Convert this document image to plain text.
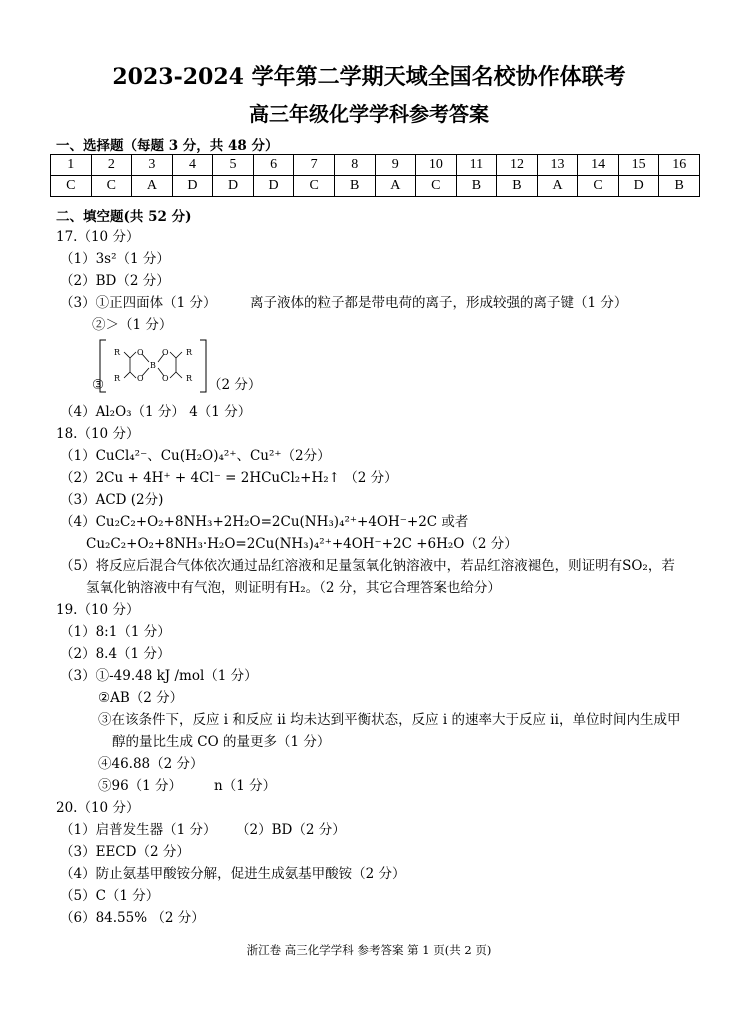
2023-2024 学年第二学期天域全国名校协作体联考
高三年级化学学科参考答案
一、选择题（每题 3 分，共 48 分）
1	2	3	4	5	6	7	8	9	10	11	12	13	14	15	16
C	C	A	D	D	D	C	B	A	C	B	B	A	C	D	B
二、填空题(共 52 分)
17.（10 分）
（1）3s²（1 分）
（2）BD（2 分）
（3）①正四面体（1 分） 离子液体的粒子都是带电荷的离子，形成较强的离子键（1 分）
②＞（1 分）
③
R O O R
B
R O O R （2 分）
（4）Al₂O₃（1 分） 4（1 分）
18.（10 分）
（1）CuCl₄²⁻、Cu(H₂O)₄²⁺、Cu²⁺（2分）
（2）2Cu + 4H⁺ + 4Cl⁻ = 2HCuCl₂+H₂↑ （2 分）
（3）ACD (2分)
（4）Cu₂C₂+O₂+8NH₃+2H₂O=2Cu(NH₃)₄²⁺+4OH⁻+2C 或者
Cu₂C₂+O₂+8NH₃·H₂O=2Cu(NH₃)₄²⁺+4OH⁻+2C +6H₂O（2 分）
（5）将反应后混合气体依次通过品红溶液和足量氢氧化钠溶液中，若品红溶液褪色，则证明有SO₂，若
氢氧化钠溶液中有气泡，则证明有H₂。（2 分，其它合理答案也给分）
19.（10 分）
（1）8:1（1 分）
（2）8.4（1 分）
（3）①-49.48 kJ /mol（1 分）
②AB（2 分）
③在该条件下，反应 i 和反应 ii 均未达到平衡状态，反应 i 的速率大于反应 ii，单位时间内生成甲
醇的量比生成 CO 的量更多（1 分）
④46.88（2 分）
⑤96（1 分） n（1 分）
20.（10 分）
（1）启普发生器（1 分） （2）BD（2 分）
（3）EECD（2 分）
（4）防止氨基甲酸铵分解，促进生成氨基甲酸铵（2 分）
（5）C（1 分）
（6）84.55% （2 分）
浙江卷 高三化学学科 参考答案 第 1 页(共 2 页)
